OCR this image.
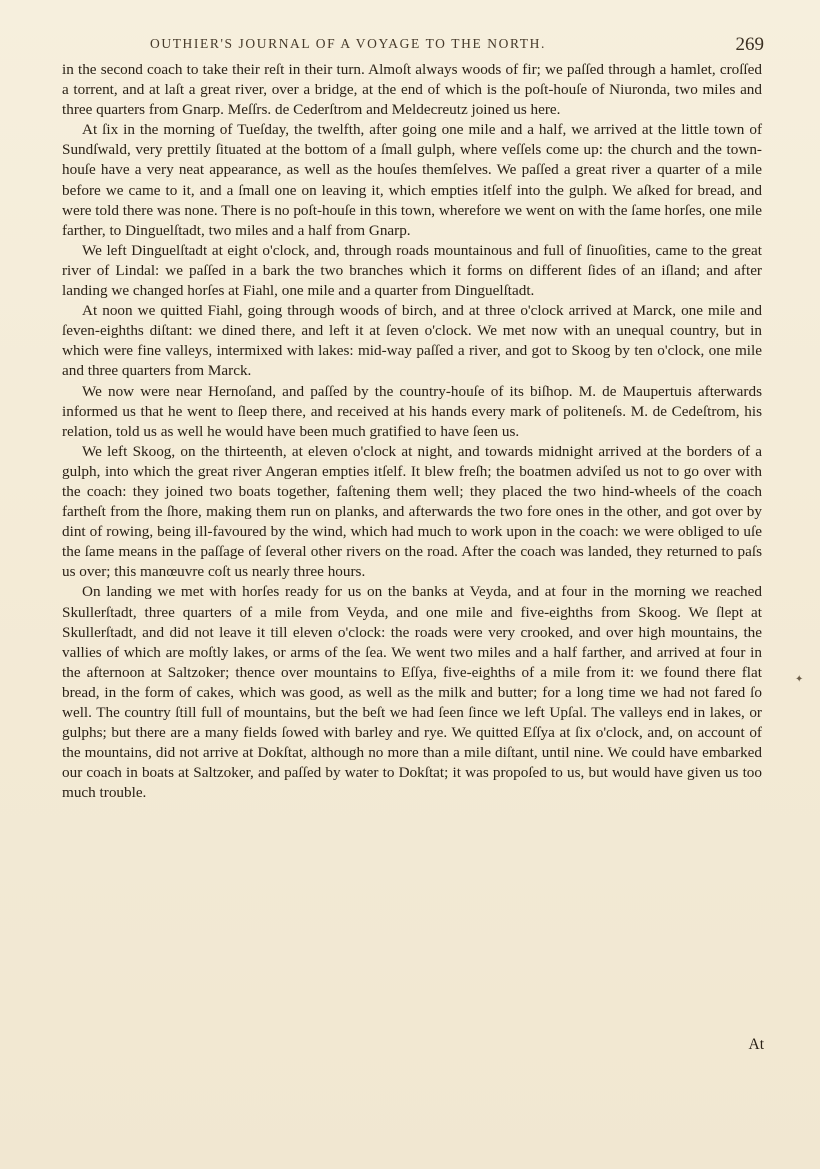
OUTHIER'S JOURNAL OF A VOYAGE TO THE NORTH.	269

in the second coach to take their reſt in their turn. Almoſt always woods of fir; we paſſed through a hamlet, croſſed a torrent, and at laſt a great river, over a bridge, at the end of which is the poſt-houſe of Niuronda, two miles and three quarters from Gnarp. Meſſrs. de Cederſtrom and Meldecreutz joined us here.

At ſix in the morning of Tueſday, the twelfth, after going one mile and a half, we arrived at the little town of Sundſwald, very prettily ſituated at the bottom of a ſmall gulph, where veſſels come up: the church and the town-houſe have a very neat appearance, as well as the houſes themſelves. We paſſed a great river a quarter of a mile before we came to it, and a ſmall one on leaving it, which empties itſelf into the gulph. We aſked for bread, and were told there was none. There is no poſt-houſe in this town, wherefore we went on with the ſame horſes, one mile farther, to Dinguelſtadt, two miles and a half from Gnarp.

We left Dinguelſtadt at eight o'clock, and, through roads mountainous and full of ſinuoſities, came to the great river of Lindal: we paſſed in a bark the two branches which it forms on different ſides of an iſland; and after landing we changed horſes at Fiahl, one mile and a quarter from Dinguelſtadt.

At noon we quitted Fiahl, going through woods of birch, and at three o'clock arrived at Marck, one mile and ſeven-eighths diſtant: we dined there, and left it at ſeven o'clock. We met now with an unequal country, but in which were fine valleys, intermixed with lakes: mid-way paſſed a river, and got to Skoog by ten o'clock, one mile and three quarters from Marck.

We now were near Hernoſand, and paſſed by the country-houſe of its biſhop. M. de Maupertuis afterwards informed us that he went to ſleep there, and received at his hands every mark of politeneſs. M. de Cedeſtrom, his relation, told us as well he would have been much gratified to have ſeen us.

We left Skoog, on the thirteenth, at eleven o'clock at night, and towards midnight arrived at the borders of a gulph, into which the great river Angeran empties itſelf. It blew freſh; the boatmen adviſed us not to go over with the coach: they joined two boats together, faſtening them well; they placed the two hind-wheels of the coach fartheſt from the ſhore, making them run on planks, and afterwards the two fore ones in the other, and got over by dint of rowing, being ill-favoured by the wind, which had much to work upon in the coach: we were obliged to uſe the ſame means in the paſſage of ſeveral other rivers on the road. After the coach was landed, they returned to paſs us over; this manœuvre coſt us nearly three hours.

On landing we met with horſes ready for us on the banks at Veyda, and at four in the morning we reached Skullerſtadt, three quarters of a mile from Veyda, and one mile and five-eighths from Skoog. We ſlept at Skullerſtadt, and did not leave it till eleven o'clock: the roads were very crooked, and over high mountains, the vallies of which are moſtly lakes, or arms of the ſea. We went two miles and a half farther, and arrived at four in the afternoon at Saltzoker; thence over mountains to Eſſya, five-eighths of a mile from it: we found there flat bread, in the form of cakes, which was good, as well as the milk and butter; for a long time we had not fared ſo well. The country ſtill full of mountains, but the beſt we had ſeen ſince we left Upſal. The valleys end in lakes, or gulphs; but there are a many fields ſowed with barley and rye. We quitted Eſſya at ſix o'clock, and, on account of the mountains, did not arrive at Dokſtat, although no more than a mile diſtant, until nine. We could have embarked our coach in boats at Saltzoker, and paſſed by water to Dokſtat; it was propoſed to us, but would have given us too much trouble.

✦
At
